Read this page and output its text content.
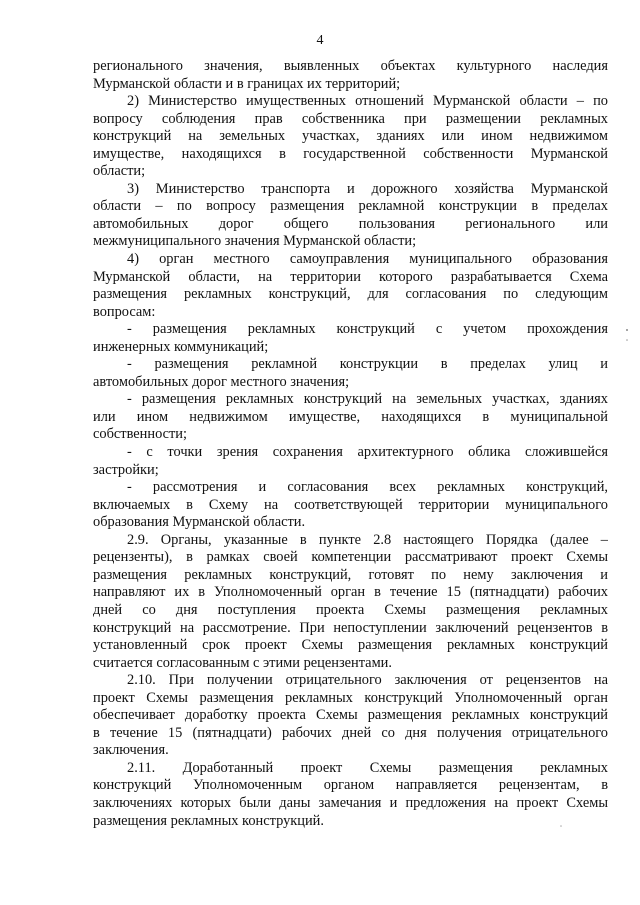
4
регионального значения, выявленных объектах культурного наследия
Мурманской области и в границах их территорий;
2) Министерство имущественных отношений Мурманской области – по
вопросу соблюдения прав собственника при размещении рекламных
конструкций на земельных участках, зданиях или ином недвижимом
имуществе, находящихся в государственной собственности Мурманской
области;
3) Министерство транспорта и дорожного хозяйства Мурманской
области – по вопросу размещения рекламной конструкции в пределах
автомобильных дорог общего пользования регионального или
межмуниципального значения Мурманской области;
4) орган местного самоуправления муниципального образования
Мурманской области, на территории которого разрабатывается Схема
размещения рекламных конструкций, для согласования по следующим
вопросам:
- размещения рекламных конструкций с учетом прохождения
инженерных коммуникаций;
- размещения рекламной конструкции в пределах улиц и
автомобильных дорог местного значения;
- размещения рекламных конструкций на земельных участках, зданиях
или ином недвижимом имуществе, находящихся в муниципальной
собственности;
- с точки зрения сохранения архитектурного облика сложившейся
застройки;
- рассмотрения и согласования всех рекламных конструкций,
включаемых в Схему на соответствующей территории муниципального
образования Мурманской области.
2.9. Органы, указанные в пункте 2.8 настоящего Порядка (далее –
рецензенты), в рамках своей компетенции рассматривают проект Схемы
размещения рекламных конструкций, готовят по нему заключения и
направляют их в Уполномоченный орган в течение 15 (пятнадцати) рабочих
дней со дня поступления проекта Схемы размещения рекламных
конструкций на рассмотрение. При непоступлении заключений рецензентов в
установленный срок проект Схемы размещения рекламных конструкций
считается согласованным с этими рецензентами.
2.10. При получении отрицательного заключения от рецензентов на
проект Схемы размещения рекламных конструкций Уполномоченный орган
обеспечивает доработку проекта Схемы размещения рекламных конструкций
в течение 15 (пятнадцати) рабочих дней со дня получения отрицательного
заключения.
2.11. Доработанный проект Схемы размещения рекламных
конструкций Уполномоченным органом направляется рецензентам, в
заключениях которых были даны замечания и предложения на проект Схемы
размещения рекламных конструкций.
